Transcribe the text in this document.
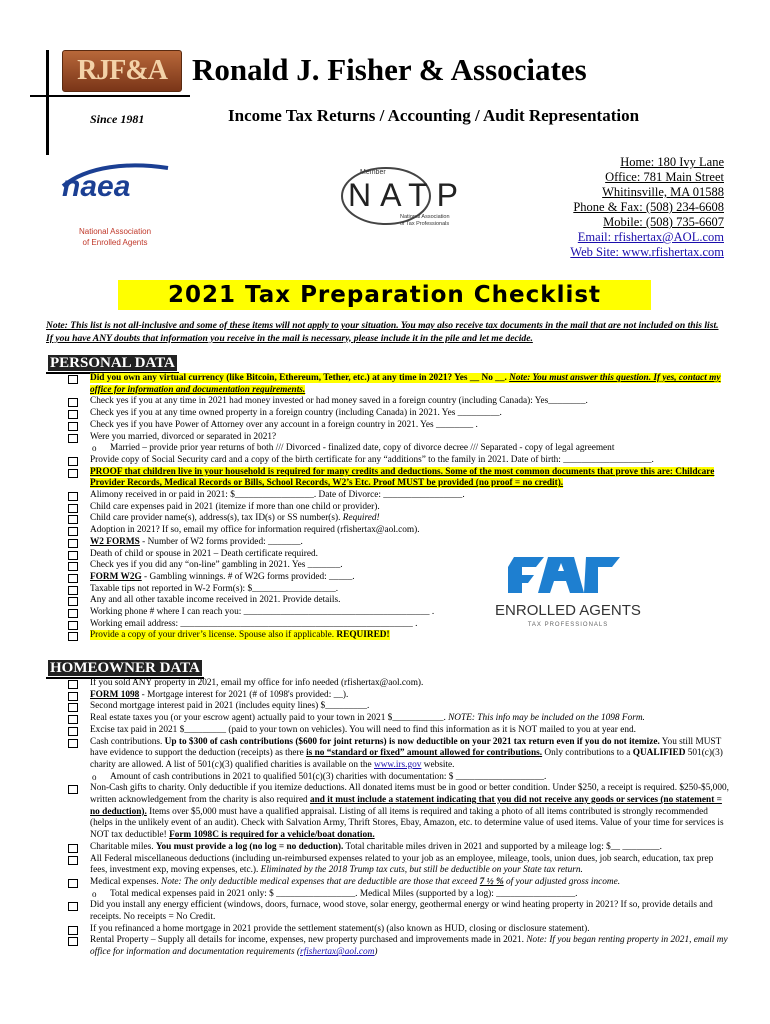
RJF&A Ronald J. Fisher & Associates
Since 1981	Income Tax Returns / Accounting / Audit Representation
naea
National Association
of Enrolled Agents
Member
NATP
National Association
of Tax Professionals
Home: 180 Ivy Lane
Office: 781 Main Street
Whitinsville, MA 01588
Phone & Fax: (508) 234-6608
Mobile: (508) 735-6607
Email: rfishertax@AOL.com
Web Site: www.rfishertax.com
2021 Tax Preparation Checklist
Note: This list is not all-inclusive and some of these items will not apply to your situation. You may also receive tax documents in the mail that are not included on this list. If you have ANY doubts that information you receive in the mail is necessary, please include it in the pile and let me decide.
PERSONAL DATA
Did you own any virtual currency (like Bitcoin, Ethereum, Tether, etc.) at any time in 2021? Yes __ No __. Note: You must answer this question. If yes, contact my office for information and documentation requirements.
Check yes if you at any time in 2021 had money invested or had money saved in a foreign country (including Canada): Yes________.
Check yes if you at any time owned property in a foreign country (including Canada) in 2021. Yes _________.
Check yes if you have Power of Attorney over any account in a foreign country in 2021. Yes ________ .
Were you married, divorced or separated in 2021?
o Married – provide prior year returns of both /// Divorced - finalized date, copy of divorce decree /// Separated - copy of legal agreement
Provide copy of Social Security card and a copy of the birth certificate for any “additions” to the family in 2021. Date of birth: ___________________.
PROOF that children live in your household is required for many credits and deductions. Some of the most common documents that prove this are: Childcare Provider Records, Medical Records or Bills, School Records, W2’s Etc. Proof MUST be provided (no proof = no credit).
Alimony received in or paid in 2021: $_________________. Date of Divorce: _________________.
Child care expenses paid in 2021 (itemize if more than one child or provider).
Child care provider name(s), address(s), tax ID(s) or SS number(s). Required!
Adoption in 2021? If so, email my office for information required (rfishertax@aol.com).
W2 FORMS - Number of W2 forms provided: _______.
Death of child or spouse in 2021 – Death certificate required.
Check yes if you did any “on-line” gambling in 2021. Yes _______.
FORM W2G - Gambling winnings. # of W2G forms provided: _____.
Taxable tips not reported in W-2 Form(s): $__________________.
Any and all other taxable income received in 2021. Provide details.
Working phone # where I can reach you: ________________________________________ .
Working email address: __________________________________________________ .
Provide a copy of your driver’s license. Spouse also if applicable. REQUIRED!
ENROLLED AGENTS
TAX PROFESSIONALS
HOMEOWNER DATA
If you sold ANY property in 2021, email my office for info needed (rfishertax@aol.com).
FORM 1098 - Mortgage interest for 2021 (# of 1098's provided: __).
Second mortgage interest paid in 2021 (includes equity lines) $_________.
Real estate taxes you (or your escrow agent) actually paid to your town in 2021 $___________. NOTE: This info may be included on the 1098 Form.
Excise tax paid in 2021 $_________ (paid to your town on vehicles). You will need to find this information as it is NOT mailed to you at year end.
Cash contributions. Up to $300 of cash contributions ($600 for joint returns) is now deductible on your 2021 tax return even if you do not itemize. You still MUST have evidence to support the deduction (receipts) as there is no “standard or fixed” amount allowed for contributions. Only contributions to a QUALIFIED 501(c)(3) charity are allowed. A list of 501(c)(3) qualified charities is available on the www.irs.gov website.
o Amount of cash contributions in 2021 to qualified 501(c)(3) charities with documentation: $ ___________________.
Non-Cash gifts to charity. Only deductible if you itemize deductions. All donated items must be in good or better condition. Under $250, a receipt is required. $250-$5,000, written acknowledgement from the charity is also required and it must include a statement indicating that you did not receive any goods or services (no statement = no deduction). Items over $5,000 must have a qualified appraisal. Listing of all items is required and taking a photo of all items contributed is strongly recommended (helps in the unlikely event of an audit). Check with Salvation Army, Thrift Stores, Ebay, Amazon, etc. to determine value of used items. Value of your time for services is NOT tax deductible! Form 1098C is required for a vehicle/boat donation.
Charitable miles. You must provide a log (no log = no deduction). Total charitable miles driven in 2021 and supported by a mileage log: $__ ________.
All Federal miscellaneous deductions (including un-reimbursed expenses related to your job as an employee, mileage, tools, union dues, job search, education, tax prep fees, investment exp, moving expenses, etc.). Eliminated by the 2018 Trump tax cuts, but still be deductible on your State tax return.
Medical expenses. Note: The only deductible medical expenses that are deductible are those that exceed 7 ½ % of your adjusted gross income.
o Total medical expenses paid in 2021 only: $ _________________. Medical Miles (supported by a log): _________________.
Did you install any energy efficient (windows, doors, furnace, wood stove, solar energy, geothermal energy or wind heating property in 2021? If so, provide details and receipts. No receipts = No Credit.
If you refinanced a home mortgage in 2021 provide the settlement statement(s) (also known as HUD, closing or disclosure statement).
Rental Property – Supply all details for income, expenses, new property purchased and improvements made in 2021. Note: If you began renting property in 2021, email my office for information and documentation requirements (rfishertax@aol.com)
